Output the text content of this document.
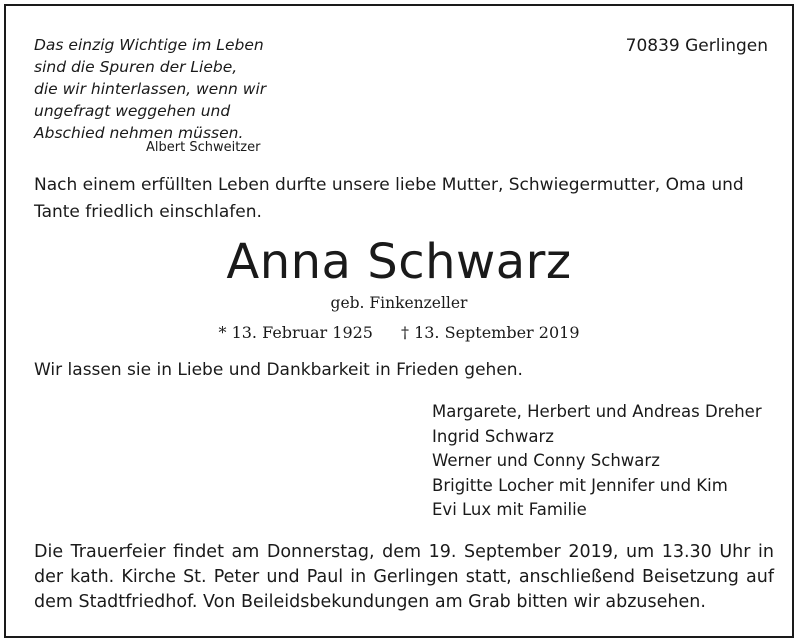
Das einzig Wichtige im Leben
sind die Spuren der Liebe,
die wir hinterlassen, wenn wir
ungefragt weggehen und
Abschied nehmen müssen.
Albert Schweitzer
70839 Gerlingen
Nach einem erfüllten Leben durfte unsere liebe Mutter, Schwiegermutter, Oma und
Tante friedlich einschlafen.
Anna Schwarz
geb. Finkenzeller
* 13. Februar 1925 † 13. September 2019
Wir lassen sie in Liebe und Dankbarkeit in Frieden gehen.
Margarete, Herbert und Andreas Dreher
Ingrid Schwarz
Werner und Conny Schwarz
Brigitte Locher mit Jennifer und Kim
Evi Lux mit Familie
Die Trauerfeier findet am Donnerstag, dem 19. September 2019, um 13.30 Uhr in
der kath. Kirche St. Peter und Paul in Gerlingen statt, anschließend Beisetzung auf
dem Stadtfriedhof. Von Beileidsbekundungen am Grab bitten wir abzusehen.
